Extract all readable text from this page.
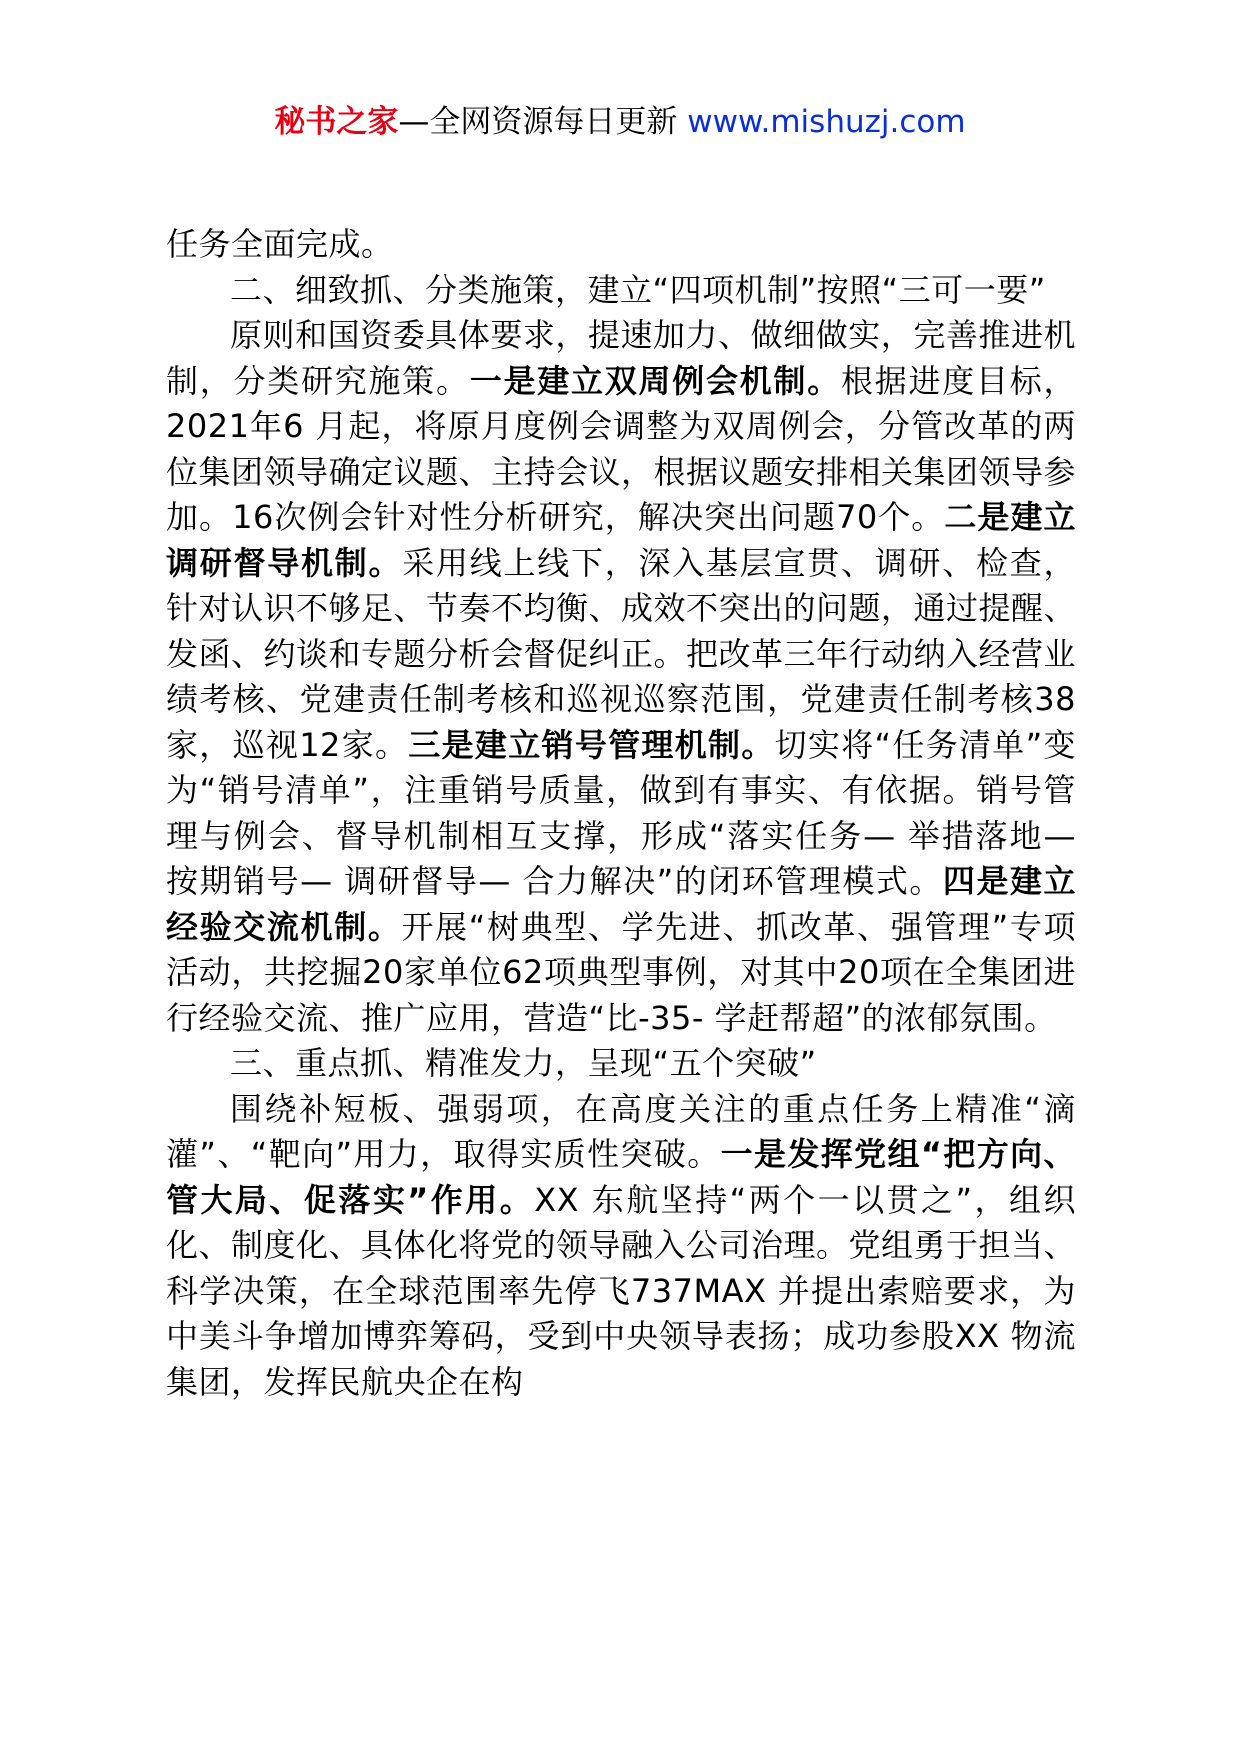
秘书之家—全网资源每日更新 www.mishuzj.com

任务全面完成。

二、细致抓、分类施策，建立“四项机制”按照“三可一要”

原则和国资委具体要求，提速加力、做细做实，完善推进机制，分类研究施策。一是建立双周例会机制。根据进度目标，2021年6 月起，将原月度例会调整为双周例会，分管改革的两位集团领导确定议题、主持会议，根据议题安排相关集团领导参加。16次例会针对性分析研究，解决突出问题70个。二是建立调研督导机制。采用线上线下，深入基层宣贯、调研、检查，针对认识不够足、节奏不均衡、成效不突出的问题，通过提醒、发函、约谈和专题分析会督促纠正。把改革三年行动纳入经营业绩考核、党建责任制考核和巡视巡察范围，党建责任制考核38家，巡视12家。三是建立销号管理机制。切实将“任务清单”变为“销号清单”，注重销号质量，做到有事实、有依据。销号管理与例会、督导机制相互支撑，形成“落实任务— 举措落地— 按期销号— 调研督导— 合力解决”的闭环管理模式。四是建立经验交流机制。开展“树典型、学先进、抓改革、强管理”专项活动，共挖掘20家单位62项典型事例，对其中20项在全集团进行经验交流、推广应用，营造“比-35- 学赶帮超”的浓郁氛围。

三、重点抓、精准发力，呈现“五个突破”

围绕补短板、强弱项，在高度关注的重点任务上精准“滴灌”、“靶向”用力，取得实质性突破。一是发挥党组“把方向、管大局、促落实”作用。XX 东航坚持“两个一以贯之”，组织化、制度化、具体化将党的领导融入公司治理。党组勇于担当、科学决策，在全球范围率先停飞737MAX 并提出索赔要求，为中美斗争增加博弈筹码，受到中央领导表扬；成功参股XX 物流集团，发挥民航央企在构
